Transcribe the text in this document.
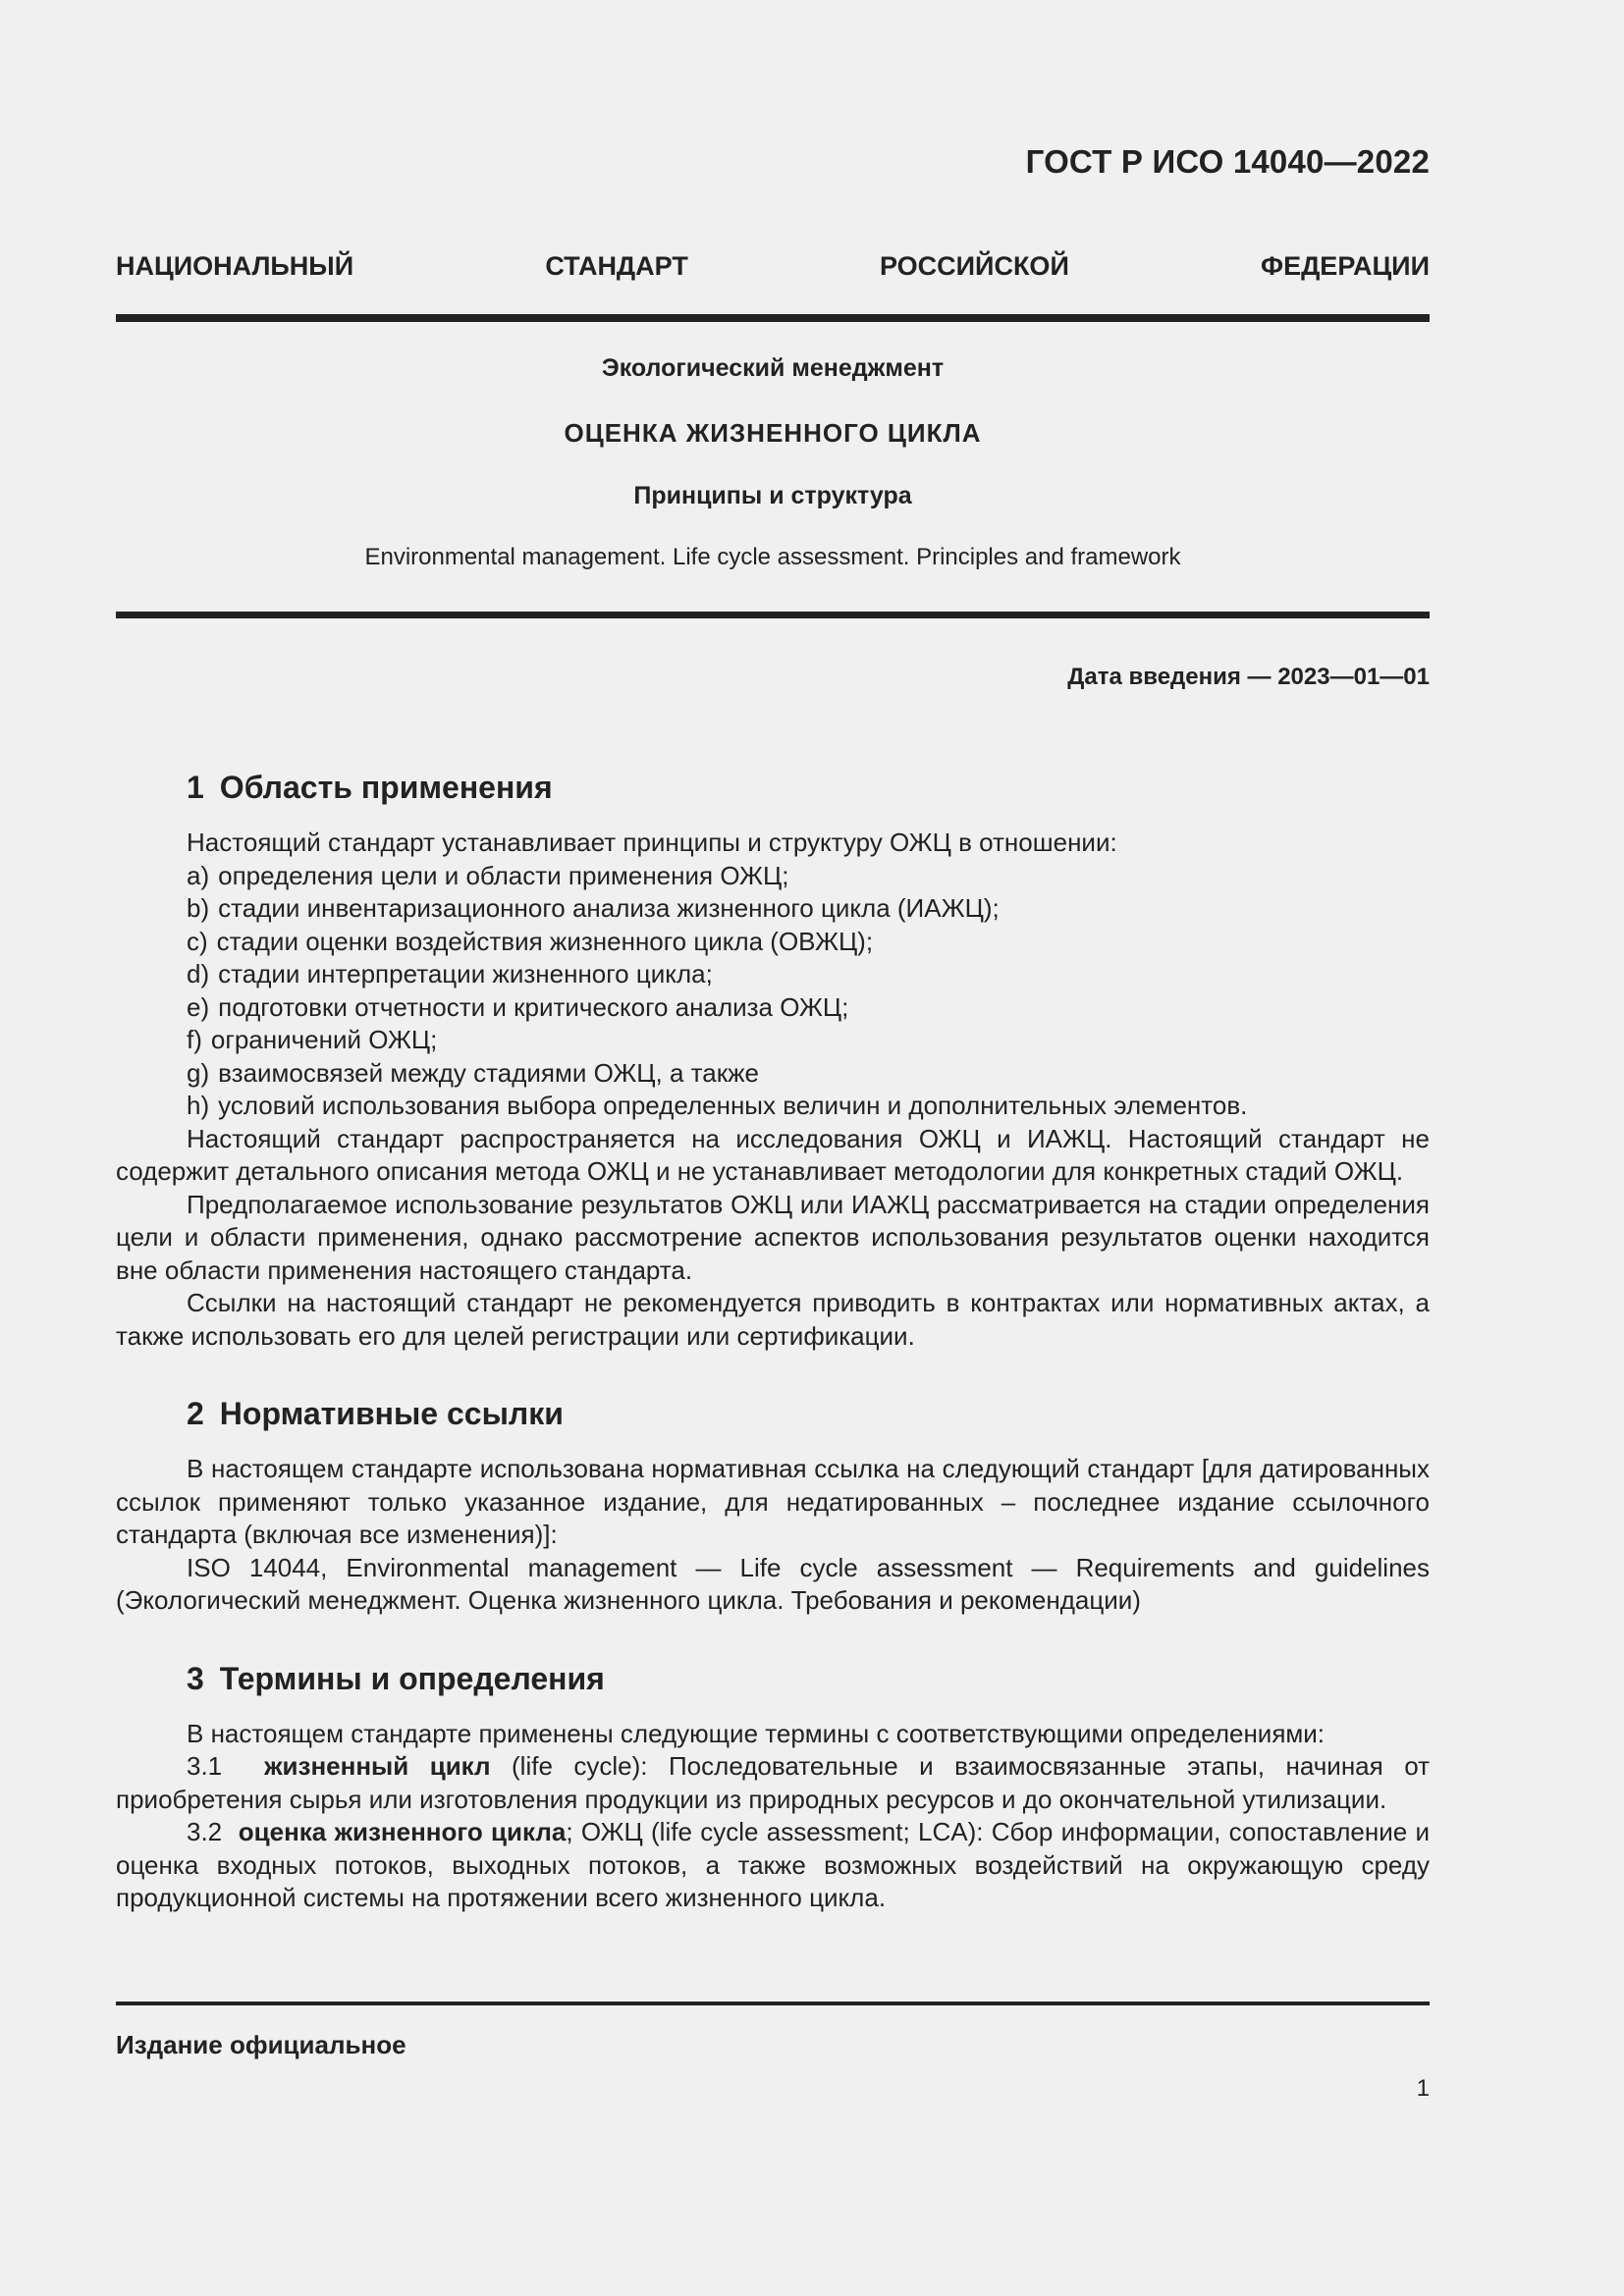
ГОСТ Р ИСО 14040—2022
НАЦИОНАЛЬНЫЙ СТАНДАРТ РОССИЙСКОЙ ФЕДЕРАЦИИ
Экологический менеджмент
ОЦЕНКА ЖИЗНЕННОГО ЦИКЛА
Принципы и структура
Environmental management. Life cycle assessment. Principles and framework
Дата введения — 2023—01—01
1 Область применения
Настоящий стандарт устанавливает принципы и структуру ОЖЦ в отношении:
a) определения цели и области применения ОЖЦ;
b) стадии инвентаризационного анализа жизненного цикла (ИАЖЦ);
c) стадии оценки воздействия жизненного цикла (ОВЖЦ);
d) стадии интерпретации жизненного цикла;
e) подготовки отчетности и критического анализа ОЖЦ;
f) ограничений ОЖЦ;
g) взаимосвязей между стадиями ОЖЦ, а также
h) условий использования выбора определенных величин и дополнительных элементов.

Настоящий стандарт распространяется на исследования ОЖЦ и ИАЖЦ. Настоящий стандарт не содержит детального описания метода ОЖЦ и не устанавливает методологии для конкретных стадий ОЖЦ.

Предполагаемое использование результатов ОЖЦ или ИАЖЦ рассматривается на стадии определения цели и области применения, однако рассмотрение аспектов использования результатов оценки находится вне области применения настоящего стандарта.

Ссылки на настоящий стандарт не рекомендуется приводить в контрактах или нормативных актах, а также использовать его для целей регистрации или сертификации.

2 Нормативные ссылки

В настоящем стандарте использована нормативная ссылка на следующий стандарт [для датированных ссылок применяют только указанное издание, для недатированных – последнее издание ссылочного стандарта (включая все изменения)]:

ISO 14044, Environmental management — Life cycle assessment — Requirements and guidelines (Экологический менеджмент. Оценка жизненного цикла. Требования и рекомендации)

3 Термины и определения
В настоящем стандарте применены следующие термины с соответствующими определениями:

3.1 жизненный цикл (life cycle): Последовательные и взаимосвязанные этапы, начиная от приобретения сырья или изготовления продукции из природных ресурсов и до окончательной утилизации.

3.2 оценка жизненного цикла; ОЖЦ (life cycle assessment; LCA): Сбор информации, сопоставление и оценка входных потоков, выходных потоков, а также возможных воздействий на окружающую среду продукционной системы на протяжении всего жизненного цикла.

Издание официальное
1
